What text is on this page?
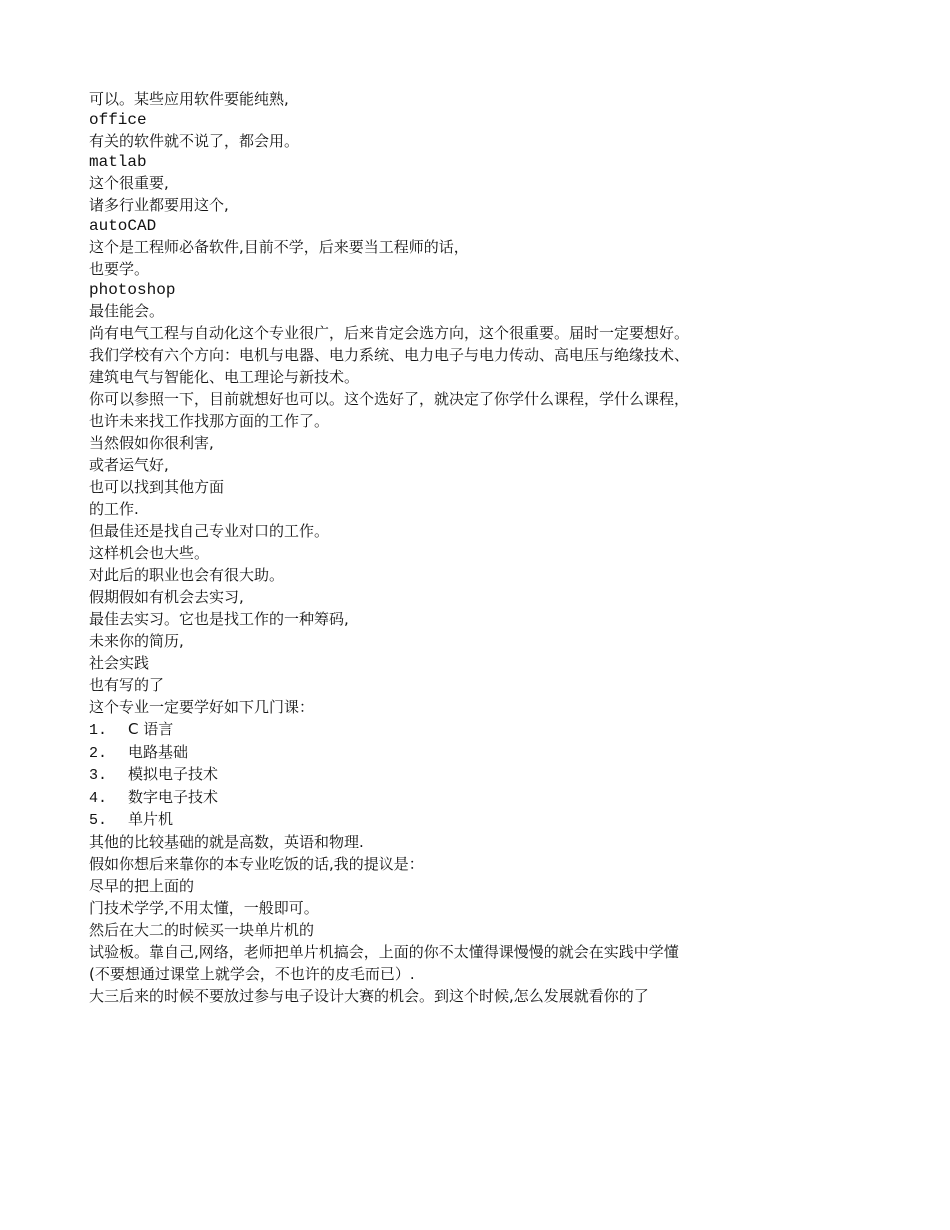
可以。某些应用软件要能纯熟,
office
有关的软件就不说了，都会用。
matlab
这个很重要,
诸多行业都要用这个,
autoCAD
这个是工程师必备软件,目前不学，后来要当工程师的话，
也要学。
photoshop
最佳能会。
尚有电气工程与自动化这个专业很广，后来肯定会选方向，这个很重要。届时一定要想好。
我们学校有六个方向：电机与电器、电力系统、电力电子与电力传动、高电压与绝缘技术、
建筑电气与智能化、电工理论与新技术。
你可以参照一下，目前就想好也可以。这个选好了，就决定了你学什么课程，学什么课程，
也许未来找工作找那方面的工作了。
当然假如你很利害,
或者运气好,
也可以找到其他方面
的工作.
但最佳还是找自己专业对口的工作。
这样机会也大些。
对此后的职业也会有很大助。
假期假如有机会去实习,
最佳去实习。它也是找工作的一种筹码,
未来你的简历,
社会实践
也有写的了
这个专业一定要学好如下几门课：
1. C 语言
2. 电路基础
3. 模拟电子技术
4. 数字电子技术
5. 单片机
其他的比较基础的就是高数，英语和物理.
假如你想后来靠你的本专业吃饭的话,我的提议是：
尽早的把上面的
门技术学学,不用太懂，一般即可。
然后在大二的时候买一块单片机的
试验板。靠自己,网络，老师把单片机搞会，上面的你不太懂得课慢慢的就会在实践中学懂
(不要想通过课堂上就学会，不也许的皮毛而已）.
大三后来的时候不要放过参与电子设计大赛的机会。到这个时候,怎么发展就看你的了
